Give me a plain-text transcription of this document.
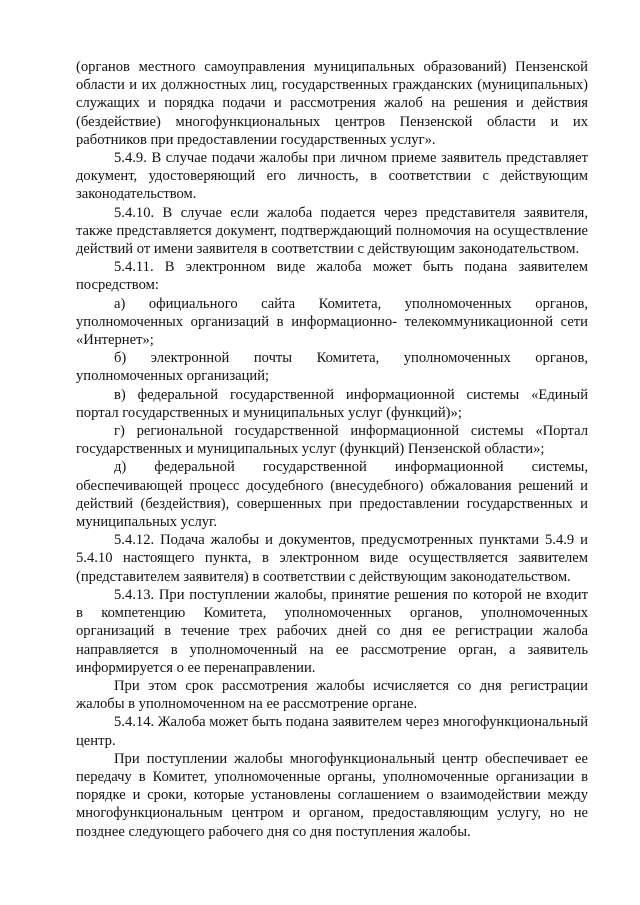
(органов местного самоуправления муниципальных образований) Пензенской области и их должностных лиц, государственных гражданских (муниципальных) служащих и порядка подачи и рассмотрения жалоб на решения и действия (бездействие) многофункциональных центров Пензенской области и их работников при предоставлении государственных услуг».

5.4.9. В случае подачи жалобы при личном приеме заявитель представляет документ, удостоверяющий его личность, в соответствии с действующим законодательством.

5.4.10. В случае если жалоба подается через представителя заявителя, также представляется документ, подтверждающий полномочия на осуществление действий от имени заявителя в соответствии с действующим законодательством.

5.4.11. В электронном виде жалоба может быть подана заявителем посредством:

а) официального сайта Комитета, уполномоченных органов, уполномоченных организаций в информационно- телекоммуникационной сети «Интернет»;

б) электронной почты Комитета, уполномоченных органов, уполномоченных организаций;

в) федеральной государственной информационной системы «Единый портал государственных и муниципальных услуг (функций)»;

г) региональной государственной информационной системы «Портал государственных и муниципальных услуг (функций) Пензенской области»;

д) федеральной государственной информационной системы, обеспечивающей процесс досудебного (внесудебного) обжалования решений и действий (бездействия), совершенных при предоставлении государственных и муниципальных услуг.

5.4.12. Подача жалобы и документов, предусмотренных пунктами 5.4.9 и 5.4.10 настоящего пункта, в электронном виде осуществляется заявителем (представителем заявителя) в соответствии с действующим законодательством.

5.4.13. При поступлении жалобы, принятие решения по которой не входит в компетенцию Комитета, уполномоченных органов, уполномоченных организаций в течение трех рабочих дней со дня ее регистрации жалоба направляется в уполномоченный на ее рассмотрение орган, а заявитель информируется о ее перенаправлении.

При этом срок рассмотрения жалобы исчисляется со дня регистрации жалобы в уполномоченном на ее рассмотрение органе.

5.4.14. Жалоба может быть подана заявителем через многофункциональный центр.

При поступлении жалобы многофункциональный центр обеспечивает ее передачу в Комитет, уполномоченные органы, уполномоченные организации в порядке и сроки, которые установлены соглашением о взаимодействии между многофункциональным центром и органом, предоставляющим услугу, но не позднее следующего рабочего дня со дня поступления жалобы.
